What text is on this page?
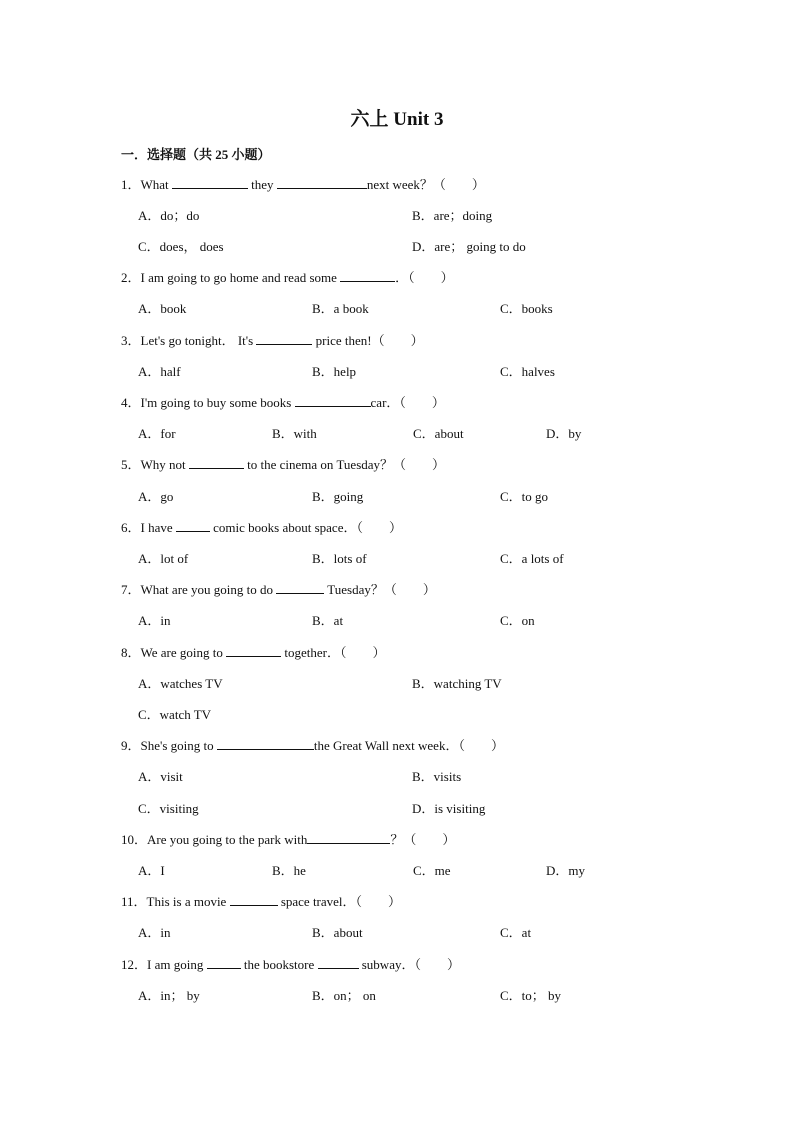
六上 Unit 3
一．选择题（共 25 小题）
1．What	they	next week？（　　）
A．do；do	B．are；doing
C．does， does	D．are； going to do
2．I am going to go home and read some	．（　　）
A．book	B．a book	C．books
3．Let's go tonight． It's	price then!（　　）
A．half	B．help	C．halves
4．I'm going to buy some books	car．（　　）
A．for	B．with	C．about	D．by
5．Why not	to the cinema on Tuesday？（　　）
A．go	B．going	C．to go
6．I have	comic books about space．（　　）
A．lot of	B．lots of	C．a lots of
7．What are you going to do	Tuesday？（　　）
A．in	B．at	C．on
8．We are going to	together．（　　）
A．watches TV	B．watching TV
C．watch TV
9．She's going to	the Great Wall next week．（　　）
A．visit	B．visits
C．visiting	D．is visiting
10．Are you going to the park with	？（　　）
A．I	B．he	C．me	D．my
11．This is a movie	space travel．（　　）
A．in	B．about	C．at
12．I am going	the bookstore	subway．（　　）
A．in； by	B．on； on	C．to； by
